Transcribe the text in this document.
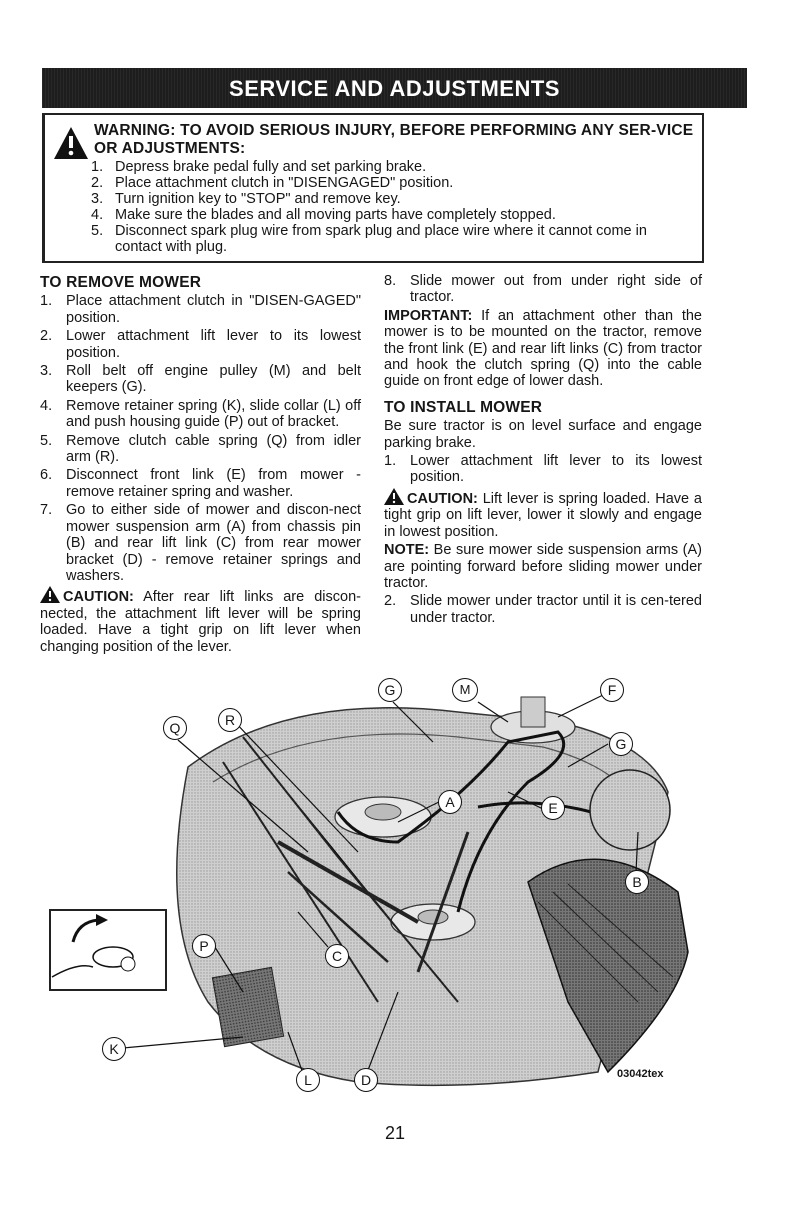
SERVICE AND ADJUSTMENTS
WARNING: TO AVOID SERIOUS INJURY, BEFORE PERFORMING ANY SER-VICE OR ADJUSTMENTS:
1. Depress brake pedal fully and set parking brake.
2. Place attachment clutch in "DISENGAGED" position.
3. Turn ignition key to "STOP" and remove key.
4. Make sure the blades and all moving parts have completely stopped.
5. Disconnect spark plug wire from spark plug and place wire where it cannot come in contact with plug.
TO REMOVE MOWER
1. Place attachment clutch in "DISEN-GAGED" position.
2. Lower attachment lift lever to its lowest position.
3. Roll belt off engine pulley (M) and belt keepers (G).
4. Remove retainer spring (K), slide collar (L) off and push housing guide (P) out of bracket.
5. Remove clutch cable spring (Q) from idler arm (R).
6. Disconnect front link (E) from mower - remove retainer spring and washer.
7. Go to either side of mower and discon-nect mower suspension arm (A) from chassis pin (B) and rear lift link (C) from rear mower bracket (D) - remove retainer springs and washers.

CAUTION: After rear lift links are discon-nected, the attachment lift lever will be spring loaded. Have a tight grip on lift lever when changing position of the lever.

8. Slide mower out from under right side of tractor.

IMPORTANT: If an attachment other than the mower is to be mounted on the tractor, remove the front link (E) and rear lift links (C) from tractor and hook the clutch spring (Q) into the cable guide on front edge of lower dash.

TO INSTALL MOWER

Be sure tractor is on level surface and engage parking brake.

1. Lower attachment lift lever to its lowest position.

CAUTION: Lift lever is spring loaded. Have a tight grip on lift lever, lower it slowly and engage in lowest position.

NOTE: Be sure mower side suspension arms (A) are pointing forward before sliding mower under tractor.

2. Slide mower under tractor until it is cen-tered under tractor.
G	M	F
G
Q	R
A	E
B
C
P
K
L	D	03042tex
21
